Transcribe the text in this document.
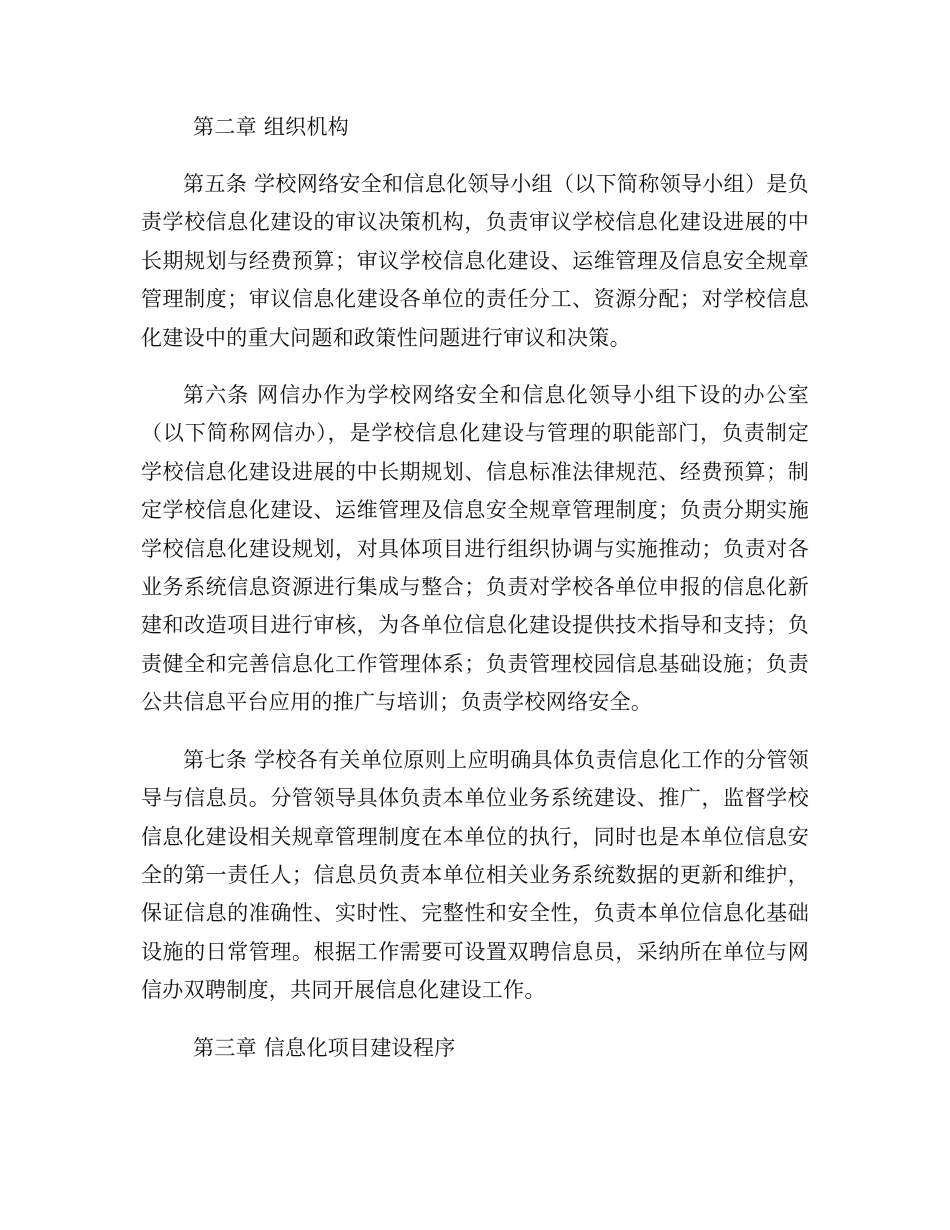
第二章 组织机构

第五条 学校网络安全和信息化领导小组（以下简称领导小组）是负责学校信息化建设的审议决策机构，负责审议学校信息化建设进展的中长期规划与经费预算；审议学校信息化建设、运维管理及信息安全规章管理制度；审议信息化建设各单位的责任分工、资源分配；对学校信息化建设中的重大问题和政策性问题进行审议和决策。

第六条 网信办作为学校网络安全和信息化领导小组下设的办公室（以下简称网信办），是学校信息化建设与管理的职能部门，负责制定学校信息化建设进展的中长期规划、信息标准法律规范、经费预算；制定学校信息化建设、运维管理及信息安全规章管理制度；负责分期实施学校信息化建设规划，对具体项目进行组织协调与实施推动；负责对各业务系统信息资源进行集成与整合；负责对学校各单位申报的信息化新建和改造项目进行审核，为各单位信息化建设提供技术指导和支持；负责健全和完善信息化工作管理体系；负责管理校园信息基础设施；负责公共信息平台应用的推广与培训；负责学校网络安全。

第七条 学校各有关单位原则上应明确具体负责信息化工作的分管领导与信息员。分管领导具体负责本单位业务系统建设、推广，监督学校信息化建设相关规章管理制度在本单位的执行，同时也是本单位信息安全的第一责任人；信息员负责本单位相关业务系统数据的更新和维护，保证信息的准确性、实时性、完整性和安全性，负责本单位信息化基础设施的日常管理。根据工作需要可设置双聘信息员，采纳所在单位与网信办双聘制度，共同开展信息化建设工作。

第三章 信息化项目建设程序
